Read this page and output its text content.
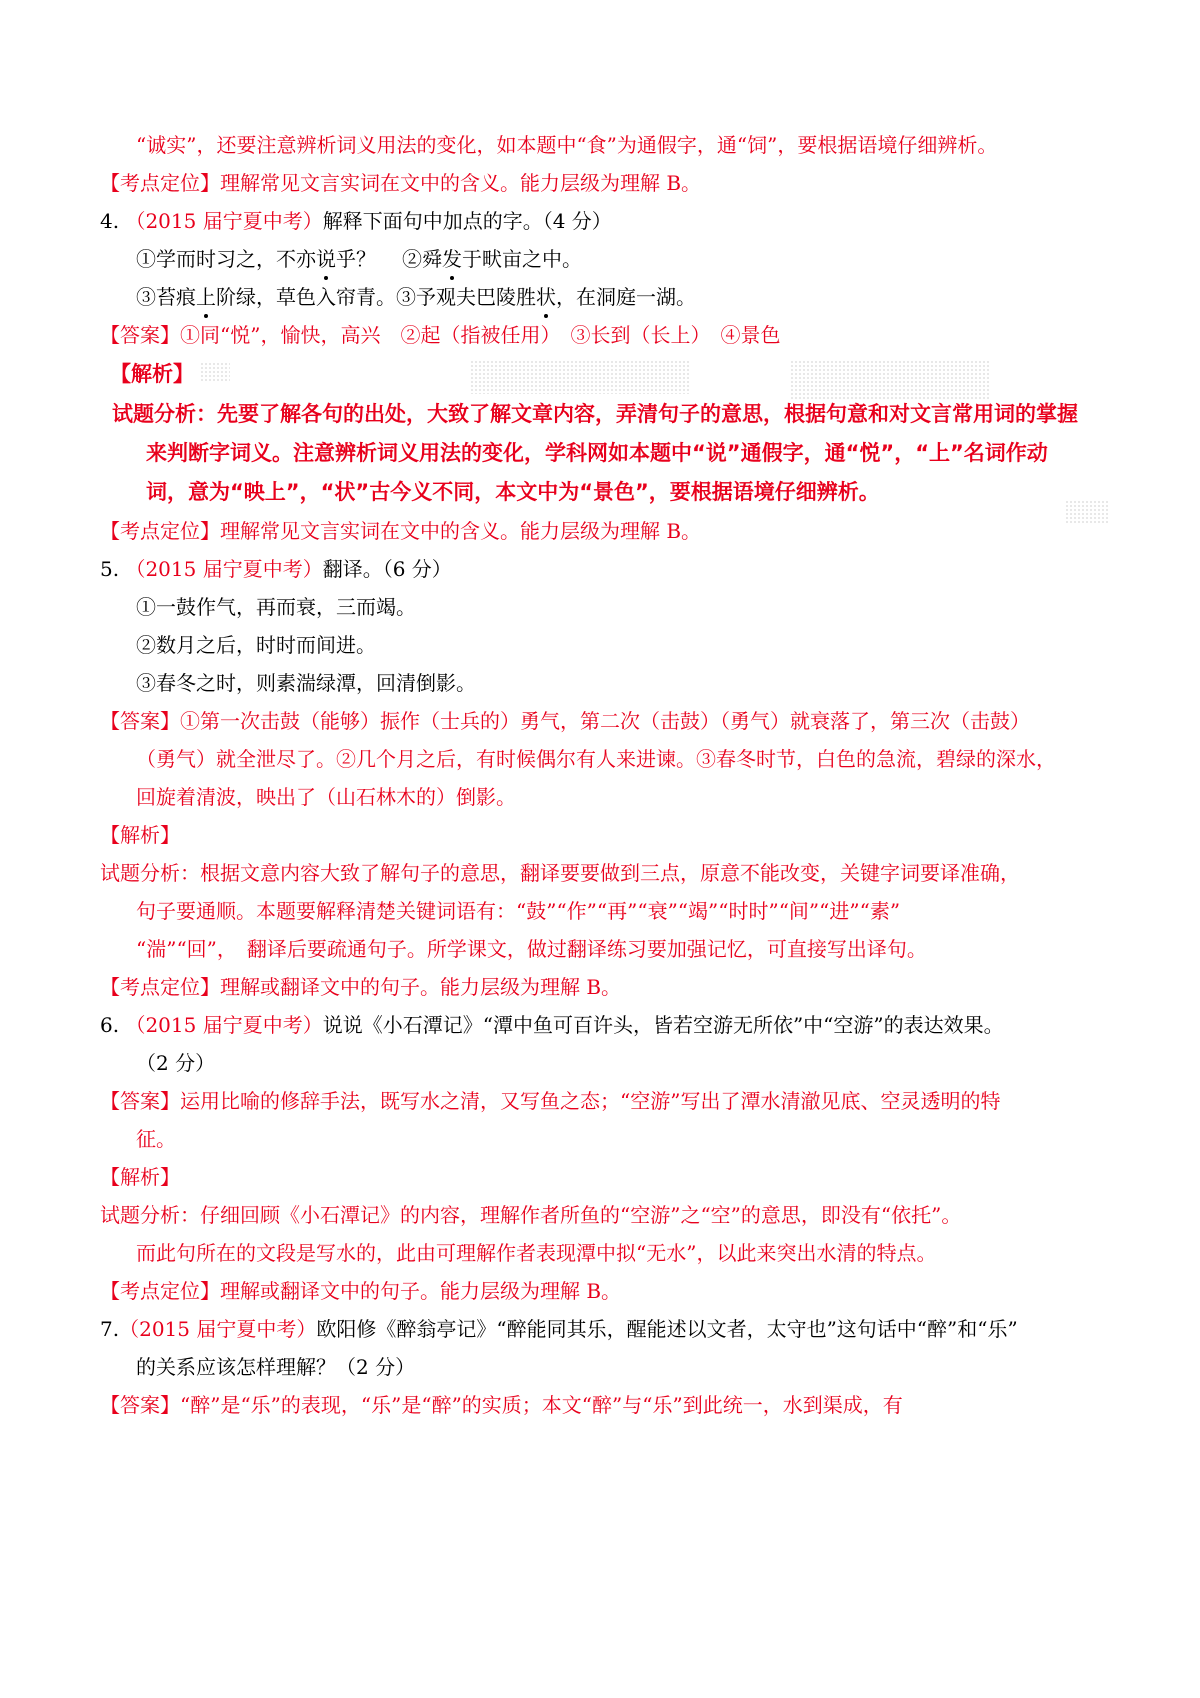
“诚实”，还要注意辨析词义用法的变化，如本题中“食”为通假字，通“饲”，要根据语境仔细辨析。
【考点定位】理解常见文言实词在文中的含义。能力层级为理解 B。
4. （2015 届宁夏中考）解释下面句中加点的字。（4 分）
①学而时习之，不亦说乎？ ②舜发于畎亩之中。
③苔痕上阶绿，草色入帘青。③予观夫巴陵胜状，在洞庭一湖。
【答案】①同“悦”，愉快，高兴　②起（指被任用）　③长到（长上）　④景色
【解析】
试题分析：先要了解各句的出处，大致了解文章内容，弄清句子的意思，根据句意和对文言常用词的掌握
来判断字词义。注意辨析词义用法的变化，学科网如本题中“说”通假字，通“悦”，“上”名词作动
词，意为“映上”，“状”古今义不同，本文中为“景色”，要根据语境仔细辨析。
【考点定位】理解常见文言实词在文中的含义。能力层级为理解 B。
5. （2015 届宁夏中考）翻译。（6 分）
①一鼓作气，再而衰，三而竭。
②数月之后，时时而间进。
③春冬之时，则素湍绿潭，回清倒影。
【答案】①第一次击鼓（能够）振作（士兵的）勇气，第二次（击鼓）（勇气）就衰落了，第三次（击鼓）
（勇气）就全泄尽了。②几个月之后，有时候偶尔有人来进谏。③春冬时节，白色的急流，碧绿的深水，
回旋着清波，映出了（山石林木的）倒影。
【解析】
试题分析：根据文意内容大致了解句子的意思，翻译要要做到三点，原意不能改变，关键字词要译准确，
句子要通顺。本题要解释清楚关键词语有：“鼓”“作”“再”“衰”“竭”“时时”“间”“进”“素”
“湍”“回”，　翻译后要疏通句子。所学课文，做过翻译练习要加强记忆，可直接写出译句。
【考点定位】理解或翻译文中的句子。能力层级为理解 B。
6. （2015 届宁夏中考）说说《小石潭记》“潭中鱼可百许头，皆若空游无所依”中“空游”的表达效果。
（2 分）
【答案】运用比喻的修辞手法，既写水之清，又写鱼之态；“空游”写出了潭水清澈见底、空灵透明的特
征。
【解析】
试题分析：仔细回顾《小石潭记》的内容，理解作者所鱼的“空游”之“空”的意思，即没有“依托”。
而此句所在的文段是写水的，此由可理解作者表现潭中拟“无水”，以此来突出水清的特点。
【考点定位】理解或翻译文中的句子。能力层级为理解 B。
7.（2015 届宁夏中考）欧阳修《醉翁亭记》“醉能同其乐，醒能述以文者，太守也”这句话中“醉”和“乐”
的关系应该怎样理解？（2 分）
【答案】“醉”是“乐”的表现，“乐”是“醉”的实质；本文“醉”与“乐”到此统一，水到渠成，有
